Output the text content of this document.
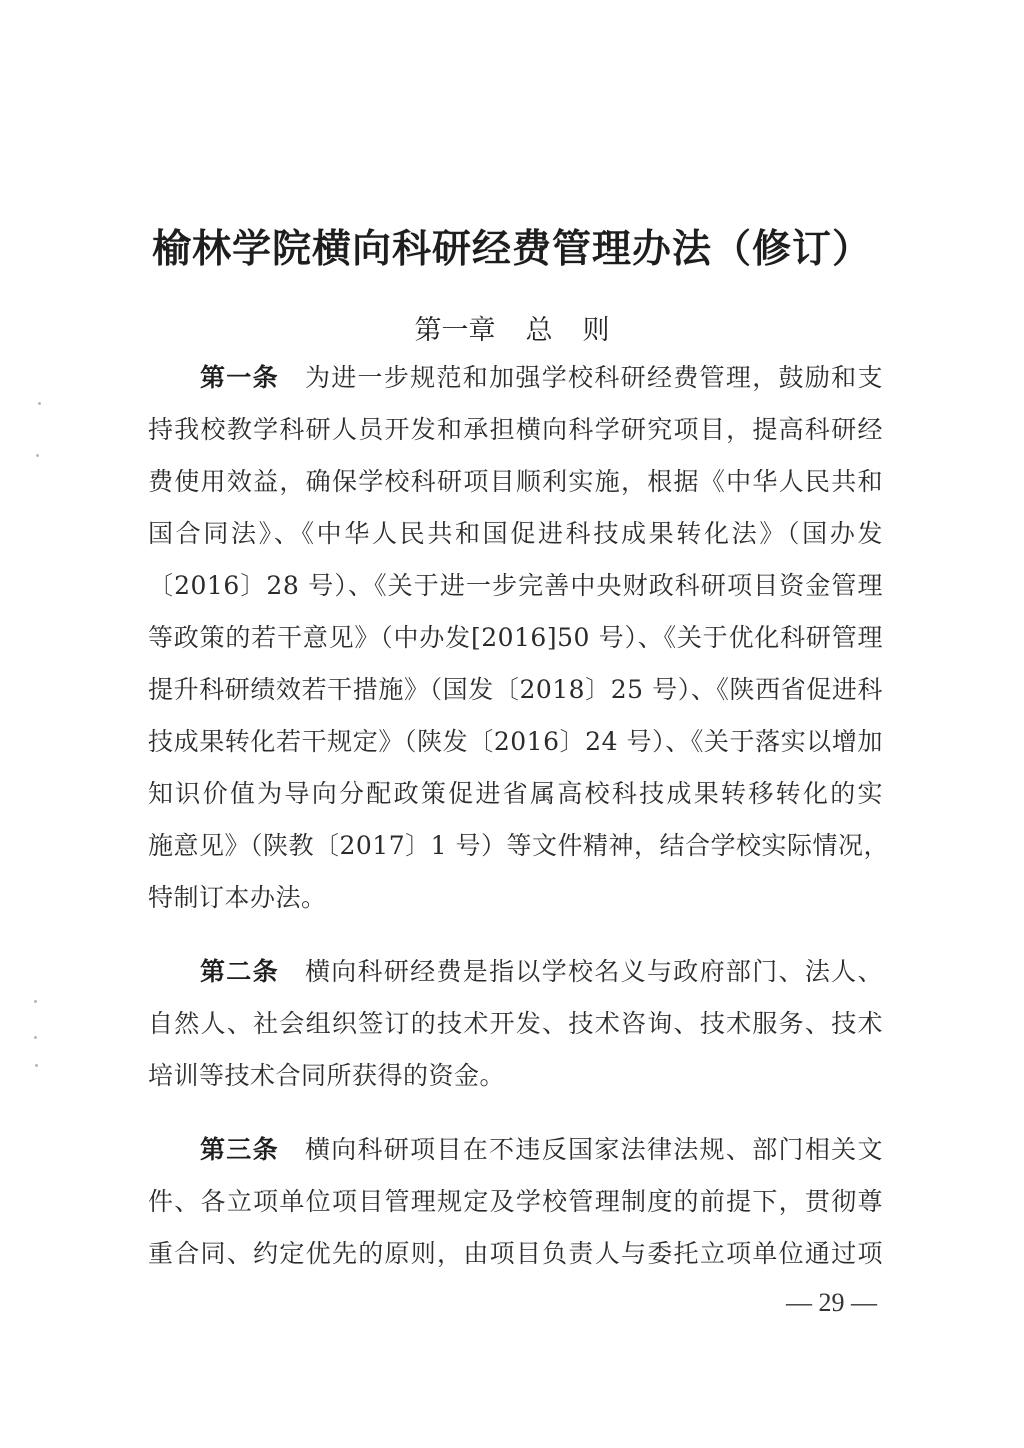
榆林学院横向科研经费管理办法（修订）
第一章 总 则
第一条 为进一步规范和加强学校科研经费管理，鼓励和支
持我校教学科研人员开发和承担横向科学研究项目，提高科研经
费使用效益，确保学校科研项目顺利实施，根据《中华人民共和
国合同法》、《中华人民共和国促进科技成果转化法》（国办发
〔2016〕28 号）、《关于进一步完善中央财政科研项目资金管理
等政策的若干意见》（中办发[2016]50 号）、《关于优化科研管理
提升科研绩效若干措施》（国发〔2018〕25 号）、《陕西省促进科
技成果转化若干规定》（陕发〔2016〕24 号）、《关于落实以增加
知识价值为导向分配政策促进省属高校科技成果转移转化的实
施意见》（陕教〔2017〕1 号）等文件精神，结合学校实际情况，
特制订本办法。
第二条 横向科研经费是指以学校名义与政府部门、法人、
自然人、社会组织签订的技术开发、技术咨询、技术服务、技术
培训等技术合同所获得的资金。
第三条 横向科研项目在不违反国家法律法规、部门相关文
件、各立项单位项目管理规定及学校管理制度的前提下，贯彻尊
重合同、约定优先的原则，由项目负责人与委托立项单位通过项
— 29 —
